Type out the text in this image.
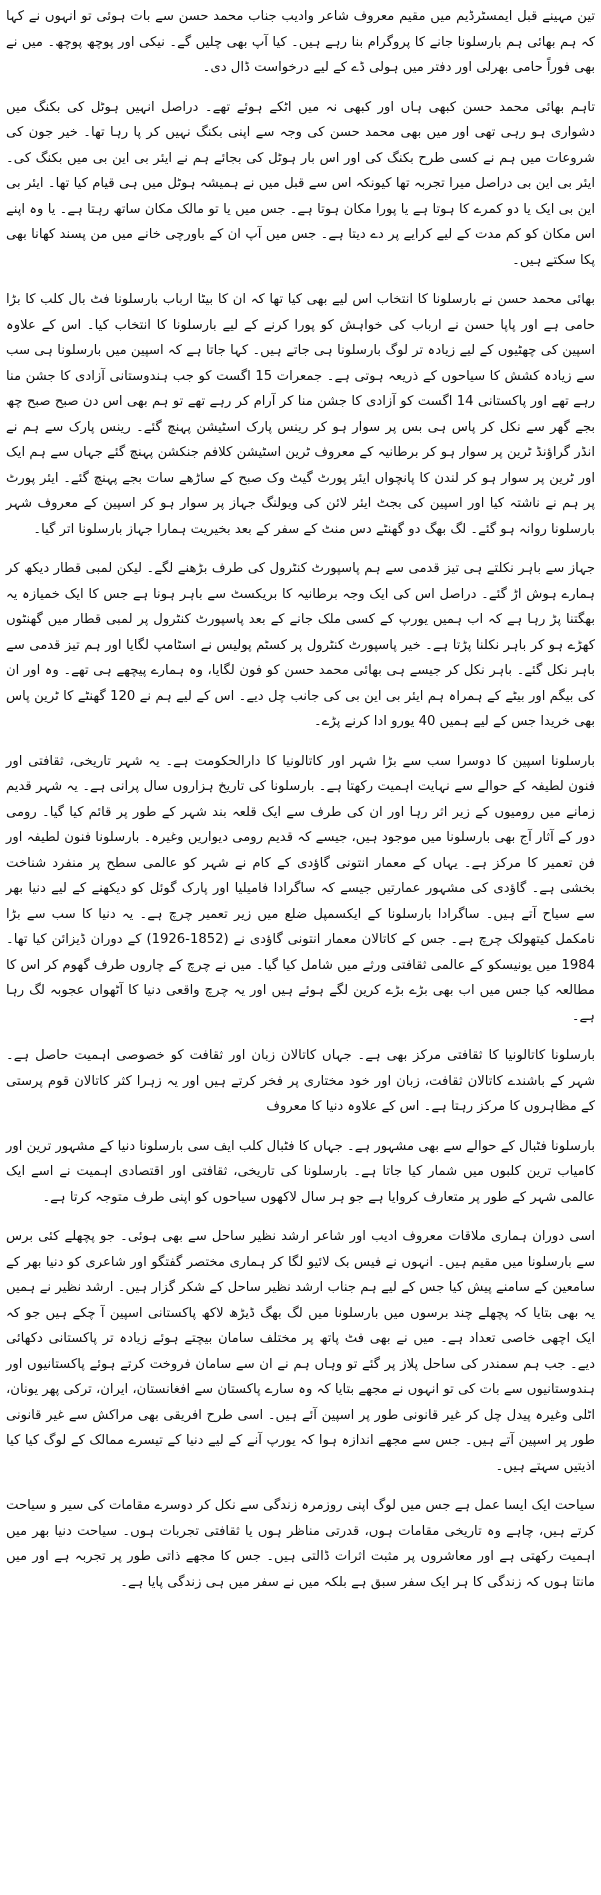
تین مہینے قبل ایمسٹرڈیم میں مقیم معروف شاعر وادیب جناب محمد حسن سے بات ہوئی تو انہوں نے کہا کہ ہم بھائی ہم بارسلونا جانے کا پروگرام بنا رہے ہیں۔ کیا آپ بھی چلیں گے۔ نیکی اور پوچھ پوچھ۔ میں نے بھی فوراً حامی بھرلی اور دفتر میں ہولی ڈے کے لیے درخواست ڈال دی۔

تاہم بھائی محمد حسن کبھی ہاں اور کبھی نہ میں اٹکے ہوئے تھے۔ دراصل انہیں ہوٹل کی بکنگ میں دشواری ہو رہی تھی اور میں بھی محمد حسن کی وجہ سے اپنی بکنگ نہیں کر پا رہا تھا۔ خیر جون کی شروعات میں ہم نے کسی طرح بکنگ کی اور اس بار ہوٹل کی بجائے ہم نے ایئر بی این بی میں بکنگ کی۔ ایئر بی این بی دراصل میرا تجربہ تھا کیونکہ اس سے قبل میں نے ہمیشہ ہوٹل میں ہی قیام کیا تھا۔ ایئر بی این بی ایک یا دو کمرے کا ہوتا ہے یا پورا مکان ہوتا ہے۔ جس میں یا تو مالک مکان ساتھ رہتا ہے۔ یا وہ اپنے اس مکان کو کم مدت کے لیے کرایے پر دے دیتا ہے۔ جس میں آپ ان کے باورچی خانے میں من پسند کھانا بھی پکا سکتے ہیں۔

بھائی محمد حسن نے بارسلونا کا انتخاب اس لیے بھی کیا تھا کہ ان کا بیٹا ارباب بارسلونا فٹ بال کلب کا بڑا حامی ہے اور پاپا حسن نے ارباب کی خواہش کو پورا کرنے کے لیے بارسلونا کا انتخاب کیا۔ اس کے علاوہ اسپین کی چھٹیوں کے لیے زیادہ تر لوگ بارسلونا ہی جاتے ہیں۔ کہا جاتا ہے کہ اسپین میں بارسلونا ہی سب سے زیادہ کشش کا سیاحوں کے ذریعہ ہوتی ہے۔ جمعرات 15 اگست کو جب ہندوستانی آزادی کا جشن منا رہے تھے اور پاکستانی 14 اگست کو آزادی کا جشن منا کر آرام کر رہے تھے تو ہم بھی اس دن صبح صبح چھ بجے گھر سے نکل کر پاس ہی بس پر سوار ہو کر رینس پارک اسٹیشن پہنچ گئے۔ رینس پارک سے ہم نے انڈر گراؤنڈ ٹرین پر سوار ہو کر برطانیہ کے معروف ٹرین اسٹیشن کلافم جنکشن پہنچ گئے جہاں سے ہم ایک اور ٹرین پر سوار ہو کر لندن کا پانچواں ایئر پورٹ گیٹ وک صبح کے ساڑھے سات بجے پہنچ گئے۔ ایئر پورٹ پر ہم نے ناشتہ کیا اور اسپین کی بجٹ ایئر لائن کی ویولنگ جہاز پر سوار ہو کر اسپین کے معروف شہر بارسلونا روانہ ہو گئے۔ لگ بھگ دو گھنٹے دس منٹ کے سفر کے بعد بخیریت ہمارا جہاز بارسلونا اتر گیا۔

جہاز سے باہر نکلتے ہی تیز قدمی سے ہم پاسپورٹ کنٹرول کی طرف بڑھنے لگے۔ لیکن لمبی قطار دیکھ کر ہمارے ہوش اڑ گئے۔ دراصل اس کی ایک وجہ برطانیہ کا بریکسٹ سے باہر ہونا ہے جس کا ایک خمیازہ یہ بھگتنا پڑ رہا ہے کہ اب ہمیں یورپ کے کسی ملک جانے کے بعد پاسپورٹ کنٹرول پر لمبی قطار میں گھنٹوں کھڑے ہو کر باہر نکلنا پڑتا ہے۔ خیر پاسپورٹ کنٹرول پر کسٹم پولیس نے اسٹامپ لگایا اور ہم تیز قدمی سے باہر نکل گئے۔ باہر نکل کر جیسے ہی بھائی محمد حسن کو فون لگایا، وہ ہمارے پیچھے ہی تھے۔ وہ اور ان کی بیگم اور بیٹے کے ہمراہ ہم ایئر بی این بی کی جانب چل دیے۔ اس کے لیے ہم نے 120 گھنٹے کا ٹرین پاس بھی خریدا جس کے لیے ہمیں 40 یورو ادا کرنے پڑے۔

بارسلونا اسپین کا دوسرا سب سے بڑا شہر اور کاتالونیا کا دارالحکومت ہے۔ یہ شہر تاریخی، ثقافتی اور فنون لطیفہ کے حوالے سے نہایت اہمیت رکھتا ہے۔ بارسلونا کی تاریخ ہزاروں سال پرانی ہے۔ یہ شہر قدیم زمانے میں رومیوں کے زیر اثر رہا اور ان کی طرف سے ایک قلعہ بند شہر کے طور پر قائم کیا گیا۔ رومی دور کے آثار آج بھی بارسلونا میں موجود ہیں، جیسے کہ قدیم رومی دیواریں وغیرہ۔ بارسلونا فنون لطیفہ اور فن تعمیر کا مرکز ہے۔ یہاں کے معمار انتونی گاؤدی کے کام نے شہر کو عالمی سطح پر منفرد شناخت بخشی ہے۔ گاؤدی کی مشہور عمارتیں جیسے کہ ساگرادا فامیلیا اور پارک گوئل کو دیکھنے کے لیے دنیا بھر سے سیاح آتے ہیں۔ ساگرادا بارسلونا کے ایکسمپل ضلع میں زیر تعمیر چرچ ہے۔ یہ دنیا کا سب سے بڑا نامکمل کیتھولک چرچ ہے۔ جس کے کاتالان معمار انتونی گاؤدی نے (1852-1926) کے دوران ڈیزائن کیا تھا۔ 1984 میں یونیسکو کے عالمی ثقافتی ورثے میں شامل کیا گیا۔ میں نے چرچ کے چاروں طرف گھوم کر اس کا مطالعہ کیا جس میں اب بھی بڑے بڑے کرین لگے ہوئے ہیں اور یہ چرچ واقعی دنیا کا آٹھواں عجوبہ لگ رہا ہے۔

بارسلونا کاتالونیا کا ثقافتی مرکز بھی ہے۔ جہاں کاتالان زبان اور ثقافت کو خصوصی اہمیت حاصل ہے۔ شہر کے باشندے کاتالان ثقافت، زبان اور خود مختاری پر فخر کرتے ہیں اور یہ زہرا کثر کاتالان قوم پرستی کے مظاہروں کا مرکز رہتا ہے۔ اس کے علاوہ دنیا کا معروف

بارسلونا فٹبال کے حوالے سے بھی مشہور ہے۔ جہاں کا فٹبال کلب ایف سی بارسلونا دنیا کے مشہور ترین اور کامیاب ترین کلبوں میں شمار کیا جاتا ہے۔ بارسلونا کی تاریخی، ثقافتی اور اقتصادی اہمیت نے اسے ایک عالمی شہر کے طور پر متعارف کروایا ہے جو ہر سال لاکھوں سیاحوں کو اپنی طرف متوجہ کرتا ہے۔

اسی دوران ہماری ملاقات معروف ادیب اور شاعر ارشد نظیر ساحل سے بھی ہوئی۔ جو پچھلے کئی برس سے بارسلونا میں مقیم ہیں۔ انہوں نے فیس بک لائیو لگا کر ہماری مختصر گفتگو اور شاعری کو دنیا بھر کے سامعین کے سامنے پیش کیا جس کے لیے ہم جناب ارشد نظیر ساحل کے شکر گزار ہیں۔ ارشد نظیر نے ہمیں یہ بھی بتایا کہ پچھلے چند برسوں میں بارسلونا میں لگ بھگ ڈیڑھ لاکھ پاکستانی اسپین آ چکے ہیں جو کہ ایک اچھی خاصی تعداد ہے۔ میں نے بھی فٹ پاتھ پر مختلف سامان بیچتے ہوئے زیادہ تر پاکستانی دکھائی دیے۔ جب ہم سمندر کی ساحل پلاز پر گئے تو وہاں ہم نے ان سے سامان فروخت کرتے ہوئے پاکستانیوں اور ہندوستانیوں سے بات کی تو انہوں نے مجھے بتایا کہ وہ سارے پاکستان سے افغانستان، ایران، ترکی پھر یونان، اٹلی وغیرہ پیدل چل کر غیر قانونی طور پر اسپین آئے ہیں۔ اسی طرح افریقی بھی مراکش سے غیر قانونی طور پر اسپین آتے ہیں۔ جس سے مجھے اندازہ ہوا کہ یورپ آنے کے لیے دنیا کے تیسرے ممالک کے لوگ کیا کیا اذیتیں سہتے ہیں۔

سیاحت ایک ایسا عمل ہے جس میں لوگ اپنی روزمرہ زندگی سے نکل کر دوسرے مقامات کی سیر و سیاحت کرتے ہیں، چاہے وہ تاریخی مقامات ہوں، قدرتی مناظر ہوں یا ثقافتی تجربات ہوں۔ سیاحت دنیا بھر میں اہمیت رکھتی ہے اور معاشروں پر مثبت اثرات ڈالتی ہیں۔ جس کا مجھے ذاتی طور پر تجربہ ہے اور میں مانتا ہوں کہ زندگی کا ہر ایک سفر سبق ہے بلکہ میں نے سفر میں ہی زندگی پایا ہے۔
